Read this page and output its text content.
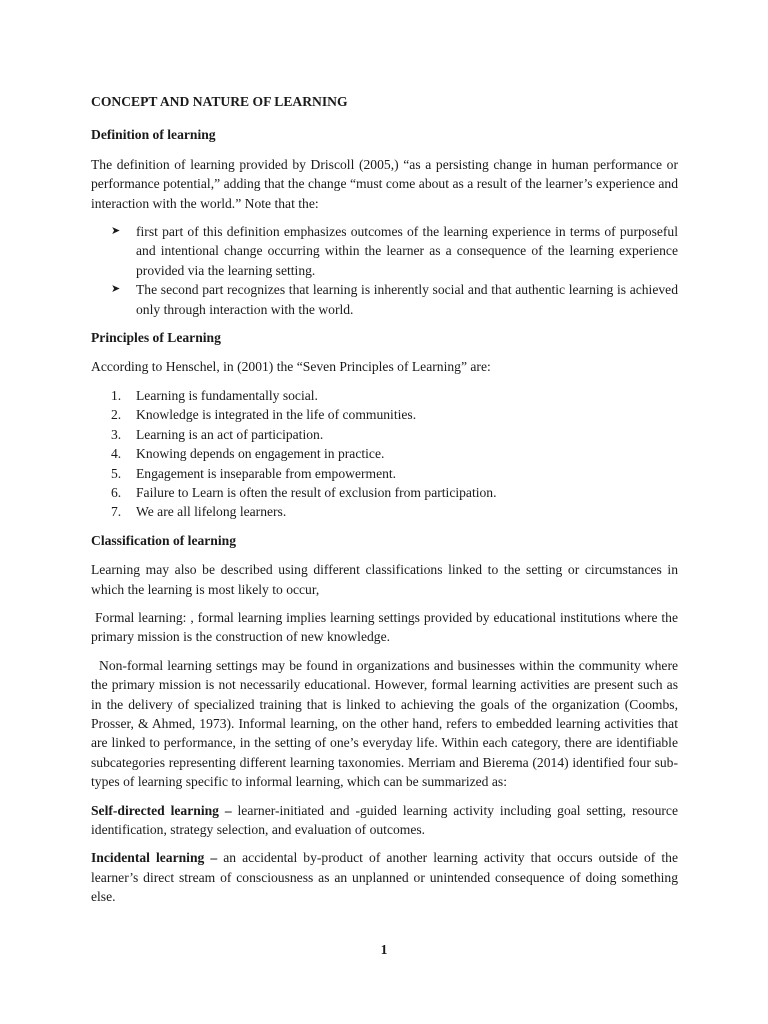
CONCEPT AND NATURE OF LEARNING

Definition of learning

The definition of learning provided by Driscoll (2005,) “as a persisting change in human performance or performance potential,” adding that the change “must come about as a result of the learner’s experience and interaction with the world.” Note that the:

➤ first part of this definition emphasizes outcomes of the learning experience in terms of purposeful and intentional change occurring within the learner as a consequence of the learning experience provided via the learning setting.
➤ The second part recognizes that learning is inherently social and that authentic learning is achieved only through interaction with the world.

Principles of Learning

According to Henschel, in (2001) the “Seven Principles of Learning” are:

1. Learning is fundamentally social.
2. Knowledge is integrated in the life of communities.
3. Learning is an act of participation.
4. Knowing depends on engagement in practice.
5. Engagement is inseparable from empowerment.
6. Failure to Learn is often the result of exclusion from participation.
7. We are all lifelong learners.

Classification of learning

Learning may also be described using different classifications linked to the setting or circumstances in which the learning is most likely to occur,

Formal learning: , formal learning implies learning settings provided by educational institutions where the primary mission is the construction of new knowledge.

Non-formal learning settings may be found in organizations and businesses within the community where the primary mission is not necessarily educational. However, formal learning activities are present such as in the delivery of specialized training that is linked to achieving the goals of the organization (Coombs, Prosser, & Ahmed, 1973). Informal learning, on the other hand, refers to embedded learning activities that are linked to performance, in the setting of one’s everyday life. Within each category, there are identifiable subcategories representing different learning taxonomies. Merriam and Bierema (2014) identified four sub-types of learning specific to informal learning, which can be summarized as:

Self-directed learning – learner-initiated and -guided learning activity including goal setting, resource identification, strategy selection, and evaluation of outcomes.

Incidental learning – an accidental by-product of another learning activity that occurs outside of the learner’s direct stream of consciousness as an unplanned or unintended consequence of doing something else.

1
